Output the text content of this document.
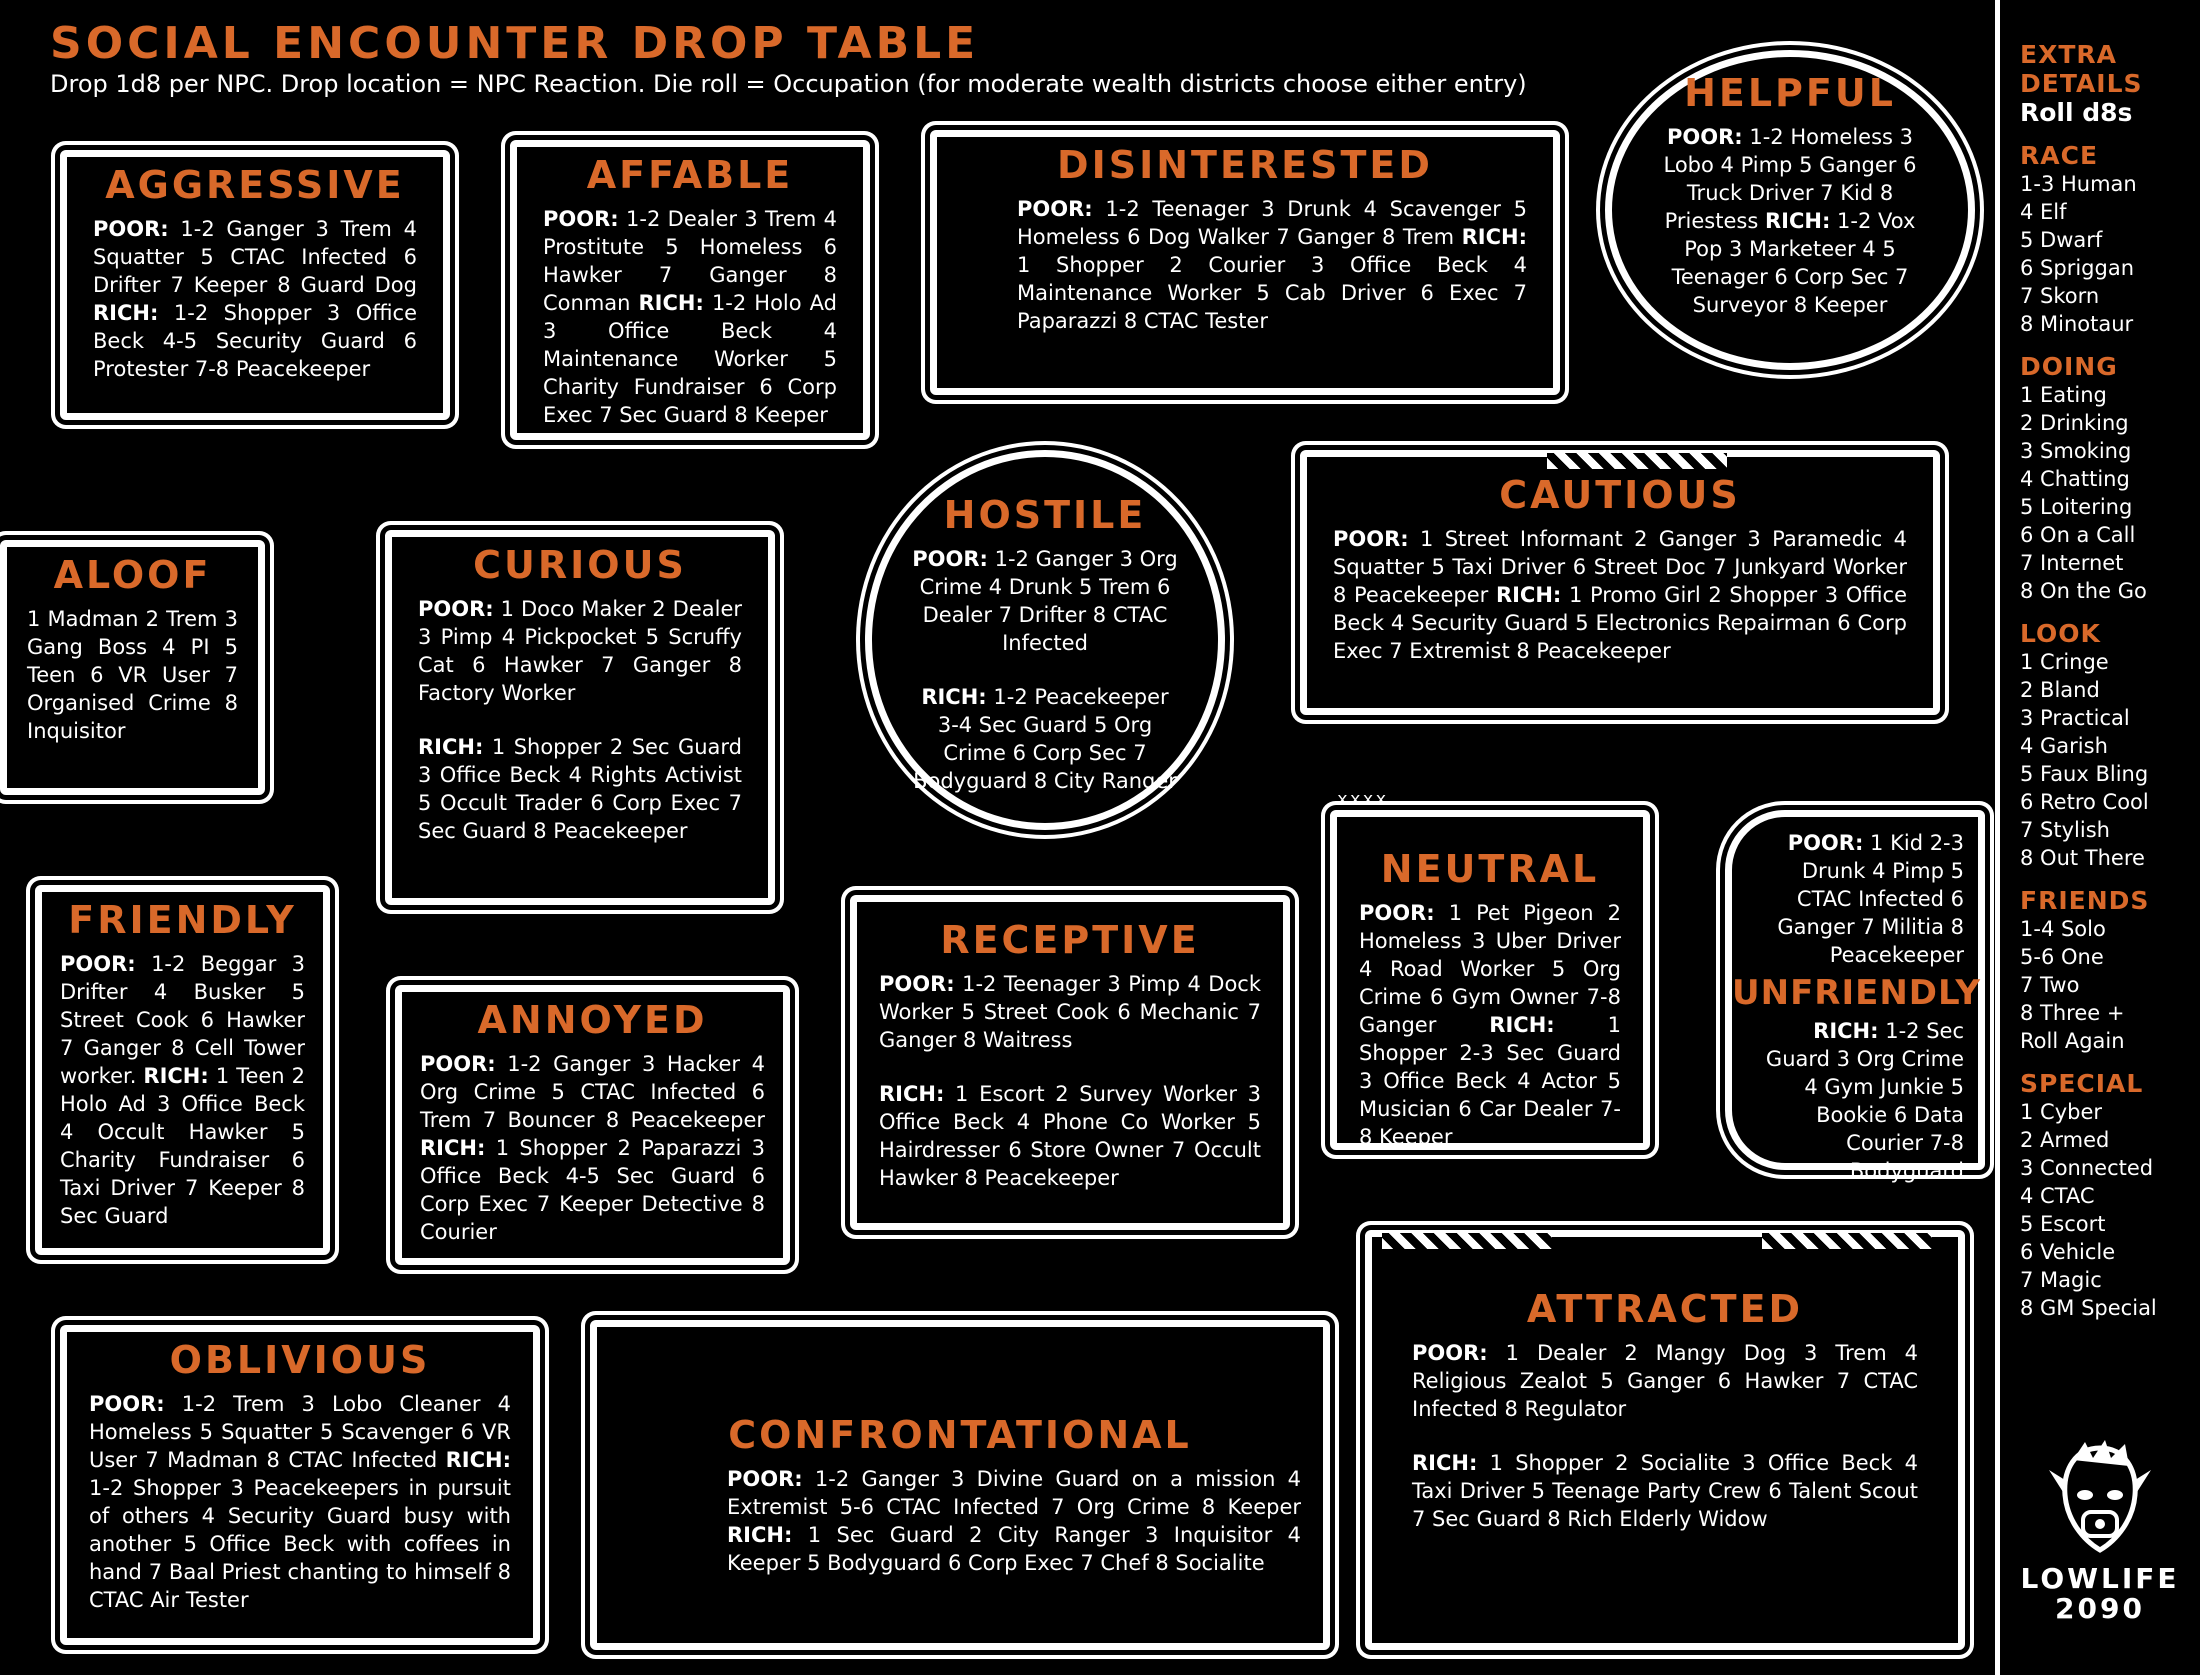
SOCIAL ENCOUNTER DROP TABLE
Drop 1d8 per NPC. Drop location = NPC Reaction. Die roll = Occupation (for moderate wealth districts choose either entry)
AGGRESSIVE
POOR: 1-2 Ganger 3 Trem 4 Squatter 5 CTAC Infected 6 Drifter 7 Keeper 8 Guard Dog RICH: 1-2 Shopper 3 Office Beck 4-5 Security Guard 6 Protester 7-8 Peacekeeper
AFFABLE
POOR: 1-2 Dealer 3 Trem 4 Prostitute 5 Homeless 6 Hawker 7 Ganger 8 Conman RICH: 1-2 Holo Ad 3 Office Beck 4 Maintenance Worker 5 Charity Fundraiser 6 Corp Exec 7 Sec Guard 8 Keeper
DISINTERESTED
POOR: 1-2 Teenager 3 Drunk 4 Scavenger 5 Homeless 6 Dog Walker 7 Ganger 8 Trem RICH: 1 Shopper 2 Courier 3 Office Beck 4 Maintenance Worker 5 Cab Driver 6 Exec 7 Paparazzi 8 CTAC Tester
HELPFUL
POOR: 1-2 Homeless 3 Lobo 4 Pimp 5 Ganger 6 Truck Driver 7 Kid 8 Priestess RICH: 1-2 Vox Pop 3 Marketeer 4 5 Teenager 6 Corp Sec 7 Surveyor 8 Keeper
ALOOF
1 Madman 2 Trem 3 Gang Boss 4 PI 5 Teen 6 VR User 7 Organised Crime 8 Inquisitor
CURIOUS
POOR: 1 Doco Maker 2 Dealer 3 Pimp 4 Pickpocket 5 Scruffy Cat 6 Hawker 7 Ganger 8 Factory Worker
RICH: 1 Shopper 2 Sec Guard 3 Office Beck 4 Rights Activist 5 Occult Trader 6 Corp Exec 7 Sec Guard 8 Peacekeeper
HOSTILE
POOR: 1-2 Ganger 3 Org Crime 4 Drunk 5 Trem 6 Dealer 7 Drifter 8 CTAC Infected
RICH: 1-2 Peacekeeper 3-4 Sec Guard 5 Org Crime 6 Corp Sec 7 Bodyguard 8 City Ranger
CAUTIOUS
POOR: 1 Street Informant 2 Ganger 3 Paramedic 4 Squatter 5 Taxi Driver 6 Street Doc 7 Junkyard Worker 8 Peacekeeper RICH: 1 Promo Girl 2 Shopper 3 Office Beck 4 Security Guard 5 Electronics Repairman 6 Corp Exec 7 Extremist 8 Peacekeeper
FRIENDLY
POOR: 1-2 Beggar 3 Drifter 4 Busker 5 Street Cook 6 Hawker 7 Ganger 8 Cell Tower worker. RICH: 1 Teen 2 Holo Ad 3 Office Beck 4 Occult Hawker 5 Charity Fundraiser 6 Taxi Driver 7 Keeper 8 Sec Guard
ANNOYED
POOR: 1-2 Ganger 3 Hacker 4 Org Crime 5 CTAC Infected 6 Trem 7 Bouncer 8 Peacekeeper RICH: 1 Shopper 2 Paparazzi 3 Office Beck 4-5 Sec Guard 6 Corp Exec 7 Keeper Detective 8 Courier
RECEPTIVE
POOR: 1-2 Teenager 3 Pimp 4 Dock Worker 5 Street Cook 6 Mechanic 7 Ganger 8 Waitress
RICH: 1 Escort 2 Survey Worker 3 Office Beck 4 Phone Co Worker 5 Hairdresser 6 Store Owner 7 Occult Hawker 8 Peacekeeper
xxxx
NEUTRAL
POOR: 1 Pet Pigeon 2 Homeless 3 Uber Driver 4 Road Worker 5 Org Crime 6 Gym Owner 7-8 Ganger	RICH:	1 Shopper 2-3 Sec Guard 3 Office Beck 4 Actor 5 Musician 6 Car Dealer 7-8 Keeper
POOR: 1 Kid 2-3 Drunk 4 Pimp 5 CTAC Infected 6 Ganger 7 Militia 8 Peacekeeper
UNFRIENDLY
RICH: 1-2 Sec Guard 3 Org Crime 4 Gym Junkie 5 Bookie 6 Data Courier 7-8 Bodyguard
OBLIVIOUS
POOR: 1-2 Trem 3 Lobo Cleaner 4 Homeless 5 Squatter 5 Scavenger 6 VR User 7 Madman 8 CTAC Infected RICH: 1-2 Shopper 3 Peacekeepers in pursuit of others 4 Security Guard busy with another 5 Office Beck with coffees in hand 7 Baal Priest chanting to himself 8 CTAC Air Tester
CONFRONTATIONAL
POOR: 1-2 Ganger 3 Divine Guard on a mission 4 Extremist 5-6 CTAC Infected 7 Org Crime 8 Keeper RICH: 1 Sec Guard 2 City Ranger 3 Inquisitor 4 Keeper 5 Bodyguard 6 Corp Exec 7 Chef 8 Socialite
ATTRACTED
POOR: 1 Dealer 2 Mangy Dog 3 Trem 4 Religious Zealot 5 Ganger 6 Hawker 7 CTAC Infected 8 Regulator
RICH: 1 Shopper 2 Socialite 3 Office Beck 4 Taxi Driver 5 Teenage Party Crew 6 Talent Scout 7 Sec Guard 8 Rich Elderly Widow
EXTRA
DETAILS
Roll d8s
RACE
1-3 Human
4 Elf
5 Dwarf
6 Spriggan
7 Skorn
8 Minotaur
DOING
1 Eating
2 Drinking
3 Smoking
4 Chatting
5 Loitering
6 On a Call
7 Internet
8 On the Go
LOOK
1 Cringe
2 Bland
3 Practical
4 Garish
5 Faux Bling
6 Retro Cool
7 Stylish
8 Out There
FRIENDS
1-4 Solo
5-6 One
7 Two
8 Three +
Roll Again
SPECIAL
1 Cyber
2 Armed
3 Connected
4 CTAC
5 Escort
6 Vehicle
7 Magic
8 GM Special
LOWLIFE
2090
